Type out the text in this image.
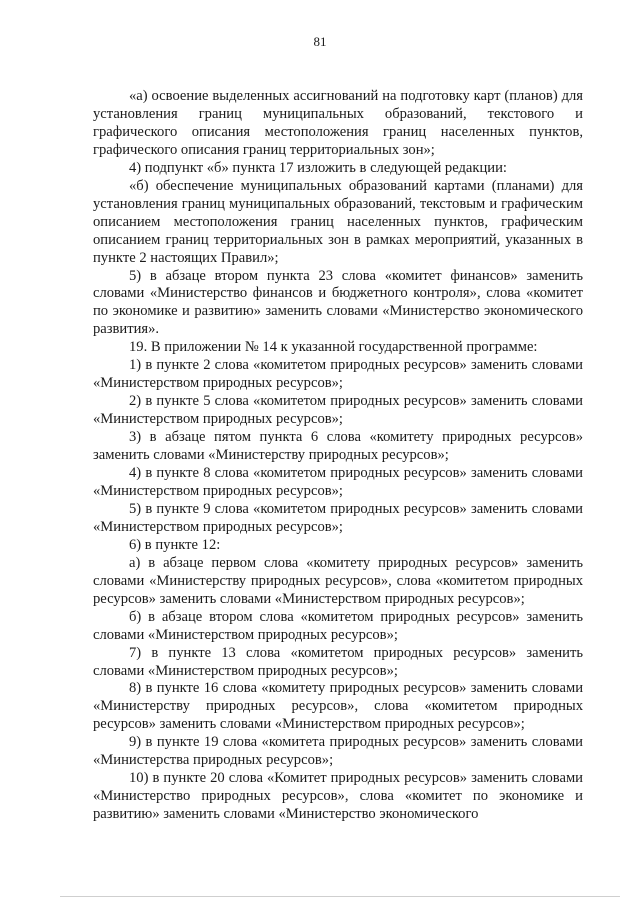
81

«а) освоение выделенных ассигнований на подготовку карт (планов) для установления границ муниципальных образований, текстового и графического описания местоположения границ населенных пунктов, графического описания границ территориальных зон»;

4) подпункт «б» пункта 17 изложить в следующей редакции:

«б) обеспечение муниципальных образований картами (планами) для установления границ муниципальных образований, текстовым и графическим описанием местоположения границ населенных пунктов, графическим описанием границ территориальных зон в рамках мероприятий, указанных в пункте 2 настоящих Правил»;

5) в абзаце втором пункта 23 слова «комитет финансов» заменить словами «Министерство финансов и бюджетного контроля», слова «комитет по экономике и развитию» заменить словами «Министерство экономического развития».

19. В приложении № 14 к указанной государственной программе:

1) в пункте 2 слова «комитетом природных ресурсов» заменить словами «Министерством природных ресурсов»;

2) в пункте 5 слова «комитетом природных ресурсов» заменить словами «Министерством природных ресурсов»;

3) в абзаце пятом пункта 6 слова «комитету природных ресурсов» заменить словами «Министерству природных ресурсов»;

4) в пункте 8 слова «комитетом природных ресурсов» заменить словами «Министерством природных ресурсов»;

5) в пункте 9 слова «комитетом природных ресурсов» заменить словами «Министерством природных ресурсов»;

6) в пункте 12:

а) в абзаце первом слова «комитету природных ресурсов» заменить словами «Министерству природных ресурсов», слова «комитетом природных ресурсов» заменить словами «Министерством природных ресурсов»;

б) в абзаце втором слова «комитетом природных ресурсов» заменить словами «Министерством природных ресурсов»;

7) в пункте 13 слова «комитетом природных ресурсов» заменить словами «Министерством природных ресурсов»;

8) в пункте 16 слова «комитету природных ресурсов» заменить словами «Министерству природных ресурсов», слова «комитетом природных ресурсов» заменить словами «Министерством природных ресурсов»;

9) в пункте 19 слова «комитета природных ресурсов» заменить словами «Министерства природных ресурсов»;

10) в пункте 20 слова «Комитет природных ресурсов» заменить словами «Министерство природных ресурсов», слова «комитет по экономике и развитию» заменить словами «Министерство экономического
